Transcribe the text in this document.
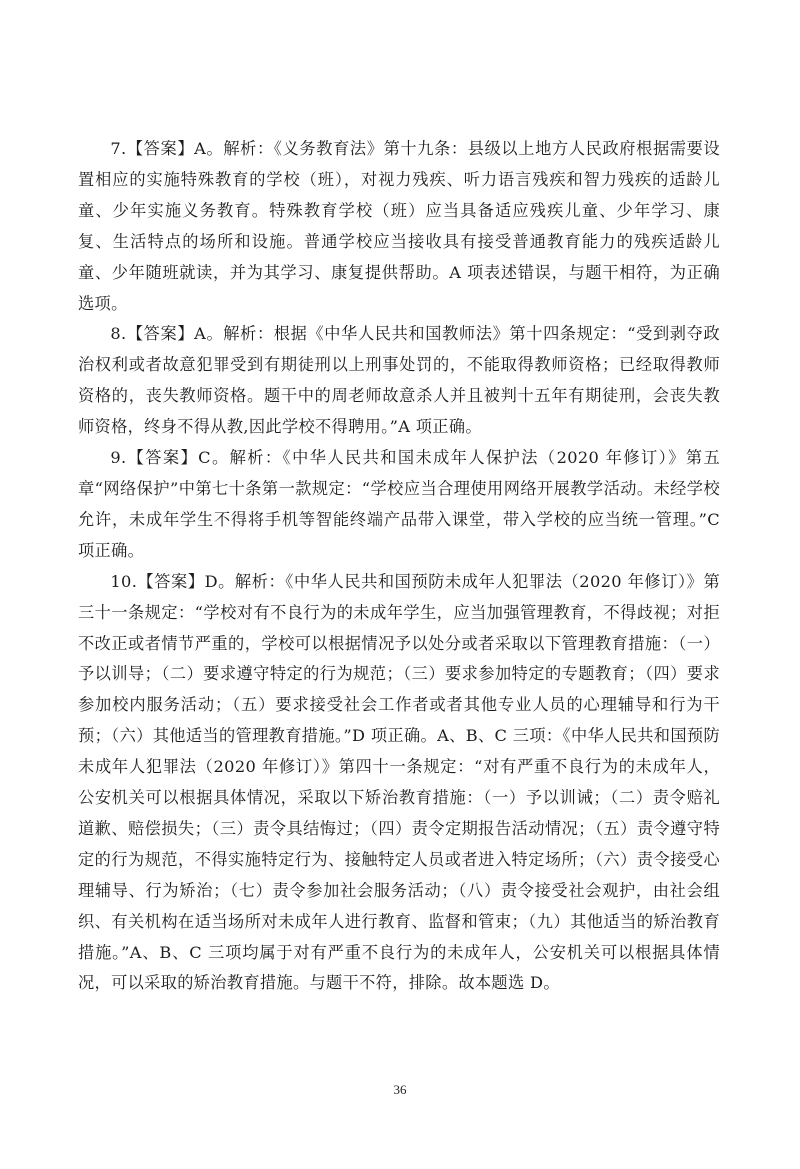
7.【答案】A。解析：《义务教育法》第十九条：县级以上地方人民政府根据需要设置相应的实施特殊教育的学校（班），对视力残疾、听力语言残疾和智力残疾的适龄儿童、少年实施义务教育。特殊教育学校（班）应当具备适应残疾儿童、少年学习、康复、生活特点的场所和设施。普通学校应当接收具有接受普通教育能力的残疾适龄儿童、少年随班就读，并为其学习、康复提供帮助。A 项表述错误，与题干相符，为正确选项。

8.【答案】A。解析：根据《中华人民共和国教师法》第十四条规定：“受到剥夺政治权利或者故意犯罪受到有期徒刑以上刑事处罚的，不能取得教师资格；已经取得教师资格的，丧失教师资格。题干中的周老师故意杀人并且被判十五年有期徒刑，会丧失教师资格，终身不得从教,因此学校不得聘用。”A 项正确。

9.【答案】C。解析：《中华人民共和国未成年人保护法（2020 年修订）》第五章“网络保护”中第七十条第一款规定：“学校应当合理使用网络开展教学活动。未经学校允许，未成年学生不得将手机等智能终端产品带入课堂，带入学校的应当统一管理。”C 项正确。

10.【答案】D。解析：《中华人民共和国预防未成年人犯罪法（2020 年修订）》第三十一条规定：“学校对有不良行为的未成年学生，应当加强管理教育，不得歧视；对拒不改正或者情节严重的，学校可以根据情况予以处分或者采取以下管理教育措施：（一）予以训导；（二）要求遵守特定的行为规范；（三）要求参加特定的专题教育；（四）要求参加校内服务活动；（五）要求接受社会工作者或者其他专业人员的心理辅导和行为干预；（六）其他适当的管理教育措施。”D 项正确。A、B、C 三项：《中华人民共和国预防未成年人犯罪法（2020 年修订）》第四十一条规定：“对有严重不良行为的未成年人，公安机关可以根据具体情况，采取以下矫治教育措施：（一）予以训诫；（二）责令赔礼道歉、赔偿损失；（三）责令具结悔过；（四）责令定期报告活动情况；（五）责令遵守特定的行为规范，不得实施特定行为、接触特定人员或者进入特定场所；（六）责令接受心理辅导、行为矫治；（七）责令参加社会服务活动；（八）责令接受社会观护，由社会组织、有关机构在适当场所对未成年人进行教育、监督和管束；（九）其他适当的矫治教育措施。”A、B、C 三项均属于对有严重不良行为的未成年人，公安机关可以根据具体情况，可以采取的矫治教育措施。与题干不符，排除。故本题选 D。

36
